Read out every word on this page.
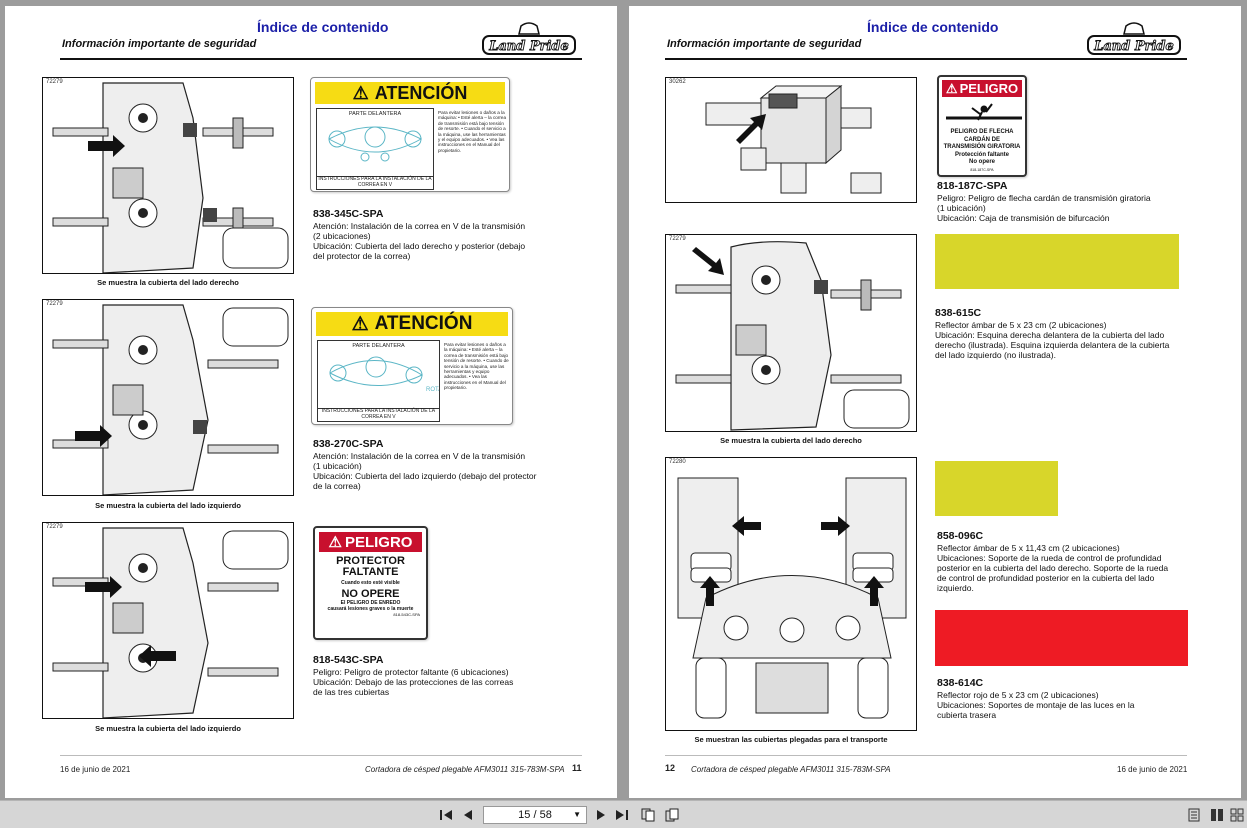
Índice de contenido
Información importante de seguridad	Land Pride
72279
Se muestra la cubierta del lado derecho
⚠ ATENCIÓN
PARTE DELANTERA
INSTRUCCIONES PARA LA INSTALACIÓN DE LA CORREA EN V
Para evitar lesiones o daños a la máquina: • Esté alerta – la correa de transmisión está bajo tensión de resorte. • Cuando el servicio a la máquina, use las herramientas y el equipo adecuados. • Vea las instrucciones en el Manual del propietario.
838-345C-SPA
Atención: Instalación de la correa en V de la transmisión
(2 ubicaciones)
Ubicación: Cubierta del lado derecho y posterior (debajo
del protector de la correa)
72279
Se muestra la cubierta del lado izquierdo
⚠ ATENCIÓN
PARTE DELANTERA
ROT
INSTRUCCIONES PARA LA INSTALACIÓN DE LA CORREA EN V
Para evitar lesiones o daños a la máquina: • Esté alerta – la correa de transmisión está bajo tensión de resorte. • Cuando de servicio a la máquina, use las herramientas y equipo adecuados. • Vea las instrucciones en el Manual del propietario.
838-270C-SPA
Atención: Instalación de la correa en V de la transmisión
(1 ubicación)
Ubicación: Cubierta del lado izquierdo (debajo del protector
de la correa)
72279
Se muestra la cubierta del lado izquierdo
⚠ PELIGRO
PROTECTOR
FALTANTE
Cuando esto esté visible
NO OPERE
El PELIGRO DE ENREDO
causará lesiones graves o la muerte
818-543C-SPA
818-543C-SPA
Peligro: Peligro de protector faltante (6 ubicaciones)
Ubicación: Debajo de las protecciones de las correas
de las tres cubiertas
16 de junio de 2021	Cortadora de césped plegable AFM3011 315-783M-SPA 11
Índice de contenido
Información importante de seguridad	Land Pride
30262	⚠ PELIGRO
PELIGRO DE FLECHA
CARDÁN DE
TRANSMISIÓN GIRATORIA
Protección faltante
No opere
818-187C-SPA
818-187C-SPA
Peligro: Peligro de flecha cardán de transmisión giratoria
(1 ubicación)
Ubicación: Caja de transmisión de bifurcación
72279
Se muestra la cubierta del lado derecho
838-615C
Reflector ámbar de 5 x 23 cm (2 ubicaciones)
Ubicación: Esquina derecha delantera de la cubierta del lado
derecho (ilustrada). Esquina izquierda delantera de la cubierta
del lado izquierdo (no ilustrada).
72280
Se muestran las cubiertas plegadas para el transporte
858-096C
Reflector ámbar de 5 x 11,43 cm (2 ubicaciones)
Ubicaciones: Soporte de la rueda de control de profundidad
posterior en la cubierta del lado derecho. Soporte de la rueda
de control de profundidad posterior en la cubierta del lado
izquierdo.
838-614C
Reflector rojo de 5 x 23 cm (2 ubicaciones)
Ubicaciones: Soportes de montaje de las luces en la
cubierta trasera
12 Cortadora de césped plegable AFM3011 315-783M-SPA	16 de junio de 2021
15 / 58	▼
